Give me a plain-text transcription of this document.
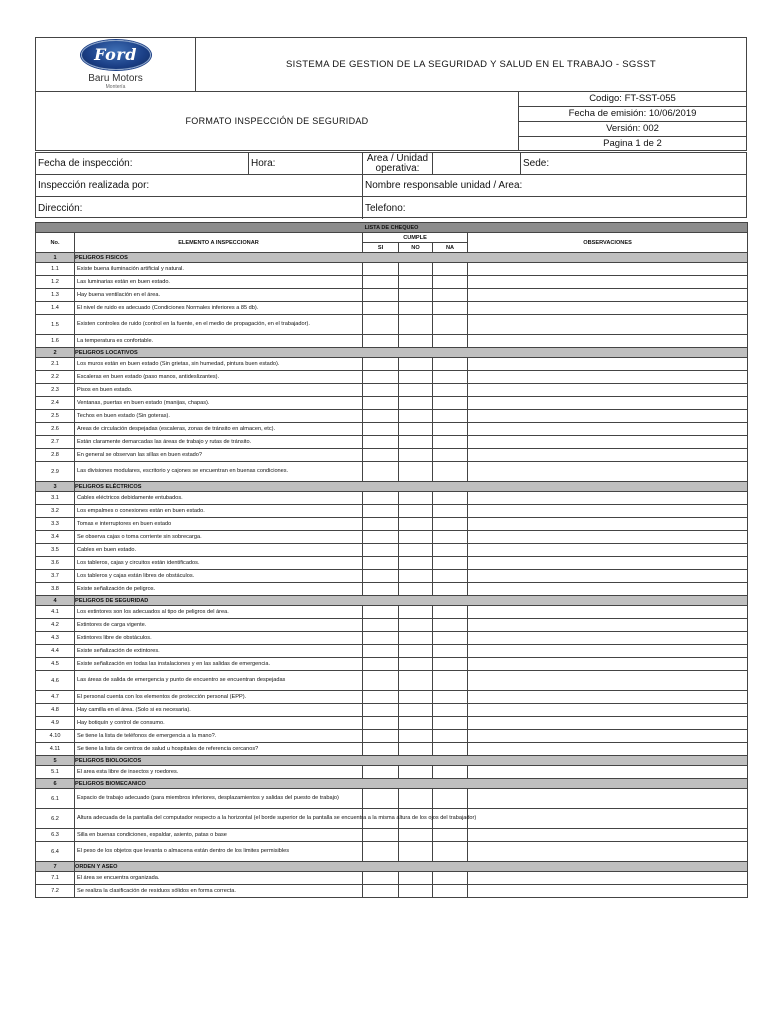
Ford
Baru Motors
Montería
SISTEMA DE GESTION DE LA SEGURIDAD Y SALUD EN EL TRABAJO - SGSST
FORMATO INSPECCIÓN DE SEGURIDAD
Codigo: FT-SST-055
Fecha de emisión: 10/06/2019
Versión: 002
Pagina 1 de 2
Fecha de inspección:	Hora:	Area / Unidad
operativa:	Sede:
Inspección realizada por:	Nombre responsable unidad / Area:
Dirección:	Telefono:
LISTA DE CHEQUEO					
No.	ELEMENTO A INSPECCIONAR	CUMPLE			OBSERVACIONES
		SI	NO	NA	
1	PELIGROS FISICOS				
1.1	Existe buena iluminación artificial y natural.				
1.2	Las luminarias están en buen estado.				
1.3	Hay buena ventilación en el área.				
1.4	El nivel de ruido es adecuado (Condiciones Normales inferiores a 85 db).				
1.5	Existen controles de ruido (control en la fuente, en el medio de propagación, en el trabajador).				
1.6	La temperatura es confortable.				
2	PELIGROS LOCATIVOS				
2.1	Los muros están en buen estado (Sin grietas, sin humedad, pintura buen estado).				
2.2	Escaleras en buen estado (paso manos, antideslizantes).				
2.3	Pisos en buen estado.				
2.4	Ventanas, puertas en buen estado (manijas, chapas).				
2.5	Techos en buen estado (Sin goteras).				
2.6	Areas de circulación despejadas (escaleras, zonas de tránsito en almacen, etc).				
2.7	Están claramente demarcadas las áreas de trabajo y rutas de tránsito.				
2.8	En general se observan las sillas en buen estado?				
2.9	Las divisiones modulares, escritorio y cajones se encuentran en buenas condiciones.				
3	PELIGROS ELÉCTRICOS				
3.1	Cables eléctricos debidamente entubados.				
3.2	Los empalmes o conexiones están en buen estado.				
3.3	Tomas e interruptores en buen estado				
3.4	Se observa cajas o toma corriente sin sobrecarga.				
3.5	Cables en buen estado.				
3.6	Los tableros, cajas y circuitos están identificados.				
3.7	Los tableros y cajas están libres de obstáculos.				
3.8	Existe señalización de peligros.				
4	PELIGROS DE SEGURIDAD				
4.1	Los extintores son los adecuados al tipo de peligros del área.				
4.2	Extintores de carga vigente.				
4.3	Extintores libre de obstáculos.				
4.4	Existe señalización de extintores.				
4.5	Existe señalización en todas las instalaciones y en las salidas de emergencia.				
4.6	Las áreas de salida de emergencia y punto de encuentro se encuentran despejadas				
4.7	El personal cuenta con los elementos de protección personal (EPP).				
4.8	Hay camilla en el área. (Solo si es necesaria).				
4.9	Hay botiquín y control de consumo.				
4.10	Se tiene la lista de teléfonos de emergencia a la mano?.				
4.11	Se tiene la lista de centros de salud u hospitales de referencia cercanos?				
5	PELIGROS BIOLOGICOS				
5.1	El area esta libre de insectos y roedores.				
6	PELIGROS BIOMECANICO				
6.1	Espacio de trabajo adecuado (para miembros inferiores, desplazamientos y salidas del puesto de trabajo)				
6.2	Altura adecuada de la pantalla del computador respecto a la horizontal (el borde superior de la pantalla se encuentra a la misma altura de los ojos del trabajador)				
6.3	Silla en buenas condiciones, espaldar, asiento, patas o base				
6.4	El peso de los objetos que levanta o almacena están dentro de los limites permisibles				
7	ORDEN Y ASEO				
7.1	El área se encuentra organizada.				
7.2	Se realiza la clasificación de residuos sólidos en forma correcta.				
